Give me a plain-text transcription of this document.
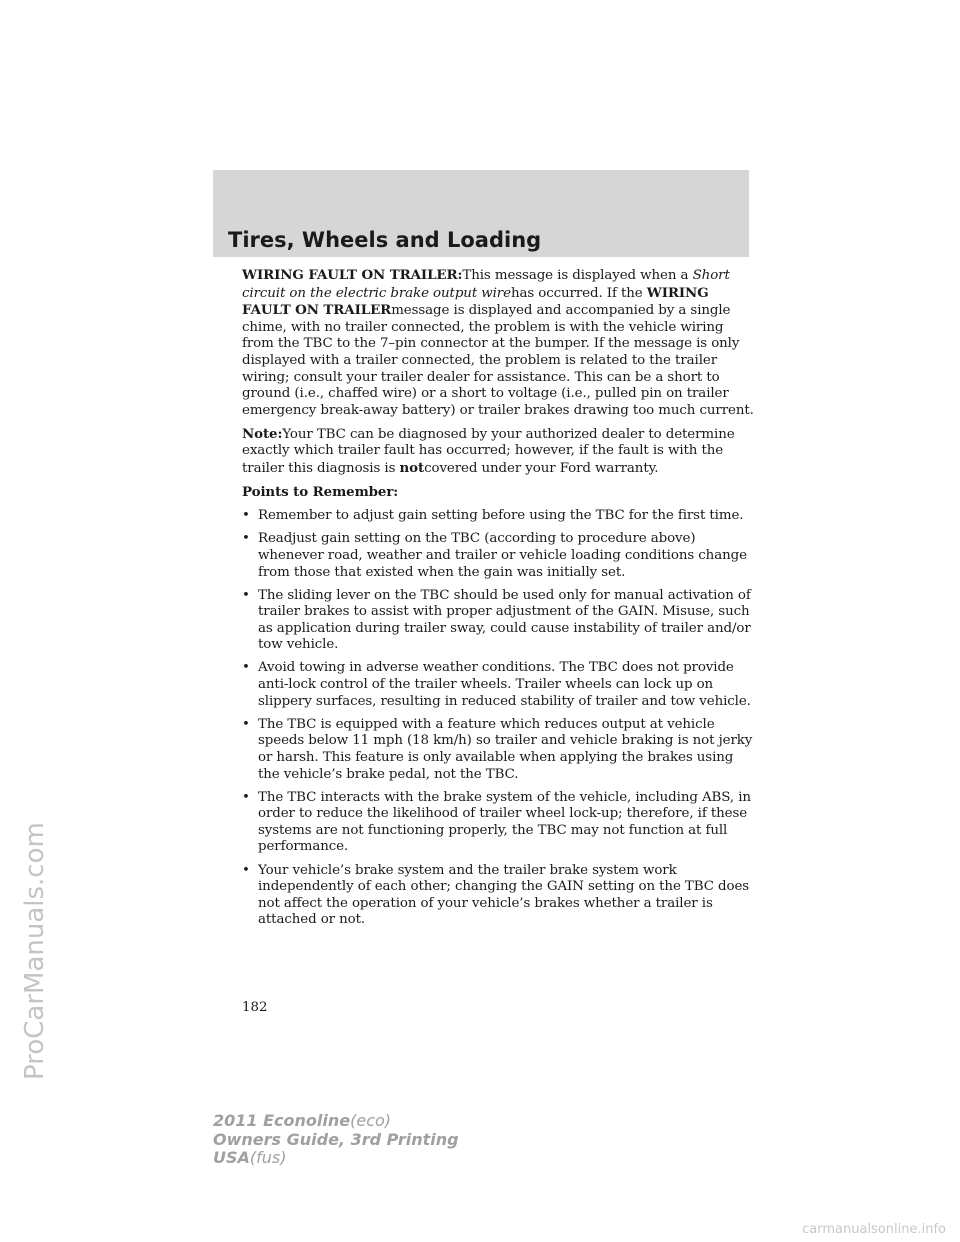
Tires, Wheels and Loading

WIRING FAULT ON TRAILER:This message is displayed when a Short circuit on the electric brake output wirehas occurred. If the WIRING FAULT ON TRAILERmessage is displayed and accompanied by a single chime, with no trailer connected, the problem is with the vehicle wiring from the TBC to the 7–pin connector at the bumper. If the message is only displayed with a trailer connected, the problem is related to the trailer wiring; consult your trailer dealer for assistance. This can be a short to ground (i.e., chaffed wire) or a short to voltage (i.e., pulled pin on trailer emergency break-away battery) or trailer brakes drawing too much current.

Note:Your TBC can be diagnosed by your authorized dealer to determine exactly which trailer fault has occurred; however, if the fault is with the trailer this diagnosis is notcovered under your Ford warranty.

Points to Remember:

• Remember to adjust gain setting before using the TBC for the first time.
• Readjust gain setting on the TBC (according to procedure above) whenever road, weather and trailer or vehicle loading conditions change from those that existed when the gain was initially set.
• The sliding lever on the TBC should be used only for manual activation of trailer brakes to assist with proper adjustment of the GAIN. Misuse, such as application during trailer sway, could cause instability of trailer and/or tow vehicle.
• Avoid towing in adverse weather conditions. The TBC does not provide anti-lock control of the trailer wheels. Trailer wheels can lock up on slippery surfaces, resulting in reduced stability of trailer and tow vehicle.
• The TBC is equipped with a feature which reduces output at vehicle speeds below 11 mph (18 km/h) so trailer and vehicle braking is not jerky or harsh. This feature is only available when applying the brakes using the vehicle’s brake pedal, not the TBC.
• The TBC interacts with the brake system of the vehicle, including ABS, in order to reduce the likelihood of trailer wheel lock-up; therefore, if these systems are not functioning properly, the TBC may not function at full performance.
• Your vehicle’s brake system and the trailer brake system work independently of each other; changing the GAIN setting on the TBC does not affect the operation of your vehicle’s brakes whether a trailer is attached or not.
182
2011 Econoline(eco)
Owners Guide, 3rd Printing
USA(fus)
ProCarManuals.com
carmanualsonline.info
